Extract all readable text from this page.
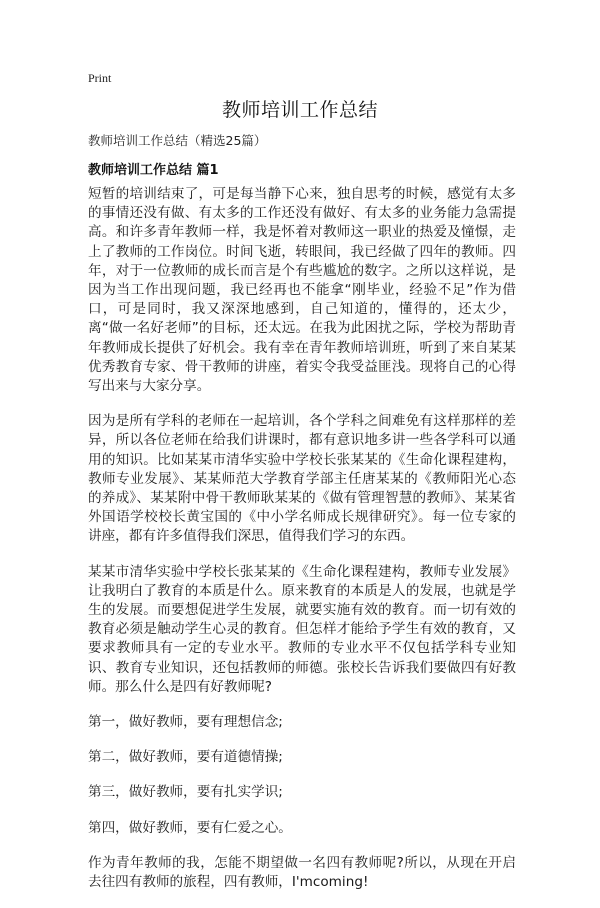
Print
教师培训工作总结
教师培训工作总结（精选25篇）
教师培训工作总结 篇1

短暂的培训结束了，可是每当静下心来，独自思考的时候，感觉有太多的事情还没有做、有太多的工作还没有做好、有太多的业务能力急需提高。和许多青年教师一样，我是怀着对教师这一职业的热爱及憧憬，走上了教师的工作岗位。时间飞逝，转眼间，我已经做了四年的教师。四年，对于一位教师的成长而言是个有些尴尬的数字。之所以这样说，是因为当工作出现问题，我已经再也不能拿“刚毕业，经验不足”作为借口，可是同时，我又深深地感到，自己知道的，懂得的，还太少，离“做一名好老师”的目标，还太远。在我为此困扰之际，学校为帮助青年教师成长提供了好机会。我有幸在青年教师培训班，听到了来自某某优秀教育专家、骨干教师的讲座，着实令我受益匪浅。现将自己的心得写出来与大家分享。

因为是所有学科的老师在一起培训，各个学科之间难免有这样那样的差异，所以各位老师在给我们讲课时，都有意识地多讲一些各学科可以通用的知识。比如某某市清华实验中学校长张某某的《生命化课程建构，教师专业发展》、某某师范大学教育学部主任唐某某的《教师阳光心态的养成》、某某附中骨干教师耿某某的《做有管理智慧的教师》、某某省外国语学校校长黄宝国的《中小学名师成长规律研究》。每一位专家的讲座，都有许多值得我们深思，值得我们学习的东西。

某某市清华实验中学校长张某某的《生命化课程建构，教师专业发展》让我明白了教育的本质是什么。原来教育的本质是人的发展，也就是学生的发展。而要想促进学生发展，就要实施有效的教育。而一切有效的教育必须是触动学生心灵的教育。但怎样才能给予学生有效的教育，又要求教师具有一定的专业水平。教师的专业水平不仅包括学科专业知识、教育专业知识，还包括教师的师德。张校长告诉我们要做四有好教师。那么什么是四有好教师呢?

第一，做好教师，要有理想信念;

第二，做好教师，要有道德情操;

第三，做好教师，要有扎实学识;

第四，做好教师，要有仁爱之心。

作为青年教师的我，怎能不期望做一名四有教师呢?所以，从现在开启去往四有教师的旅程，四有教师，I'mcoming!
